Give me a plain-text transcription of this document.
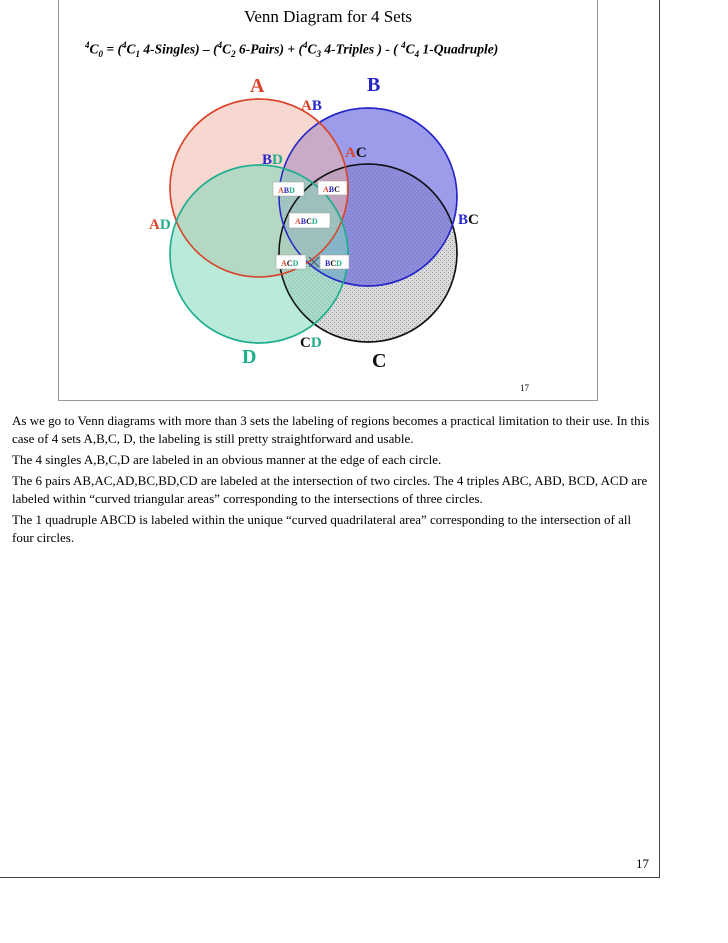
Venn Diagram for 4 Sets
$^4C_0 = (^4C_1$ 4-Singles) – ($^4C_2$ 6-Pairs) + ($^4C_3$ 4-Triples ) - ( $^4C_4$ 1-Quadruple)
17
A	B
C
D
AB
AC
BD
AD	BC
CD
ABD	ABC
ABCD
ACD	BCD

As we go to Venn diagrams with more than 3 sets the labeling of regions becomes a practical limitation to their use. In this case of 4 sets A,B,C, D, the labeling is still pretty straightforward and usable.

The 4 singles A,B,C,D are labeled in an obvious manner at the edge of each circle.

The 6 pairs AB,AC,AD,BC,BD,CD are labeled at the intersection of two circles. The 4 triples ABC, ABD, BCD, ACD are labeled within “curved triangular areas” corresponding to the intersections of three circles.

The 1 quadruple ABCD is labeled within the unique “curved quadrilateral area” corresponding to the intersection of all four circles.

17
